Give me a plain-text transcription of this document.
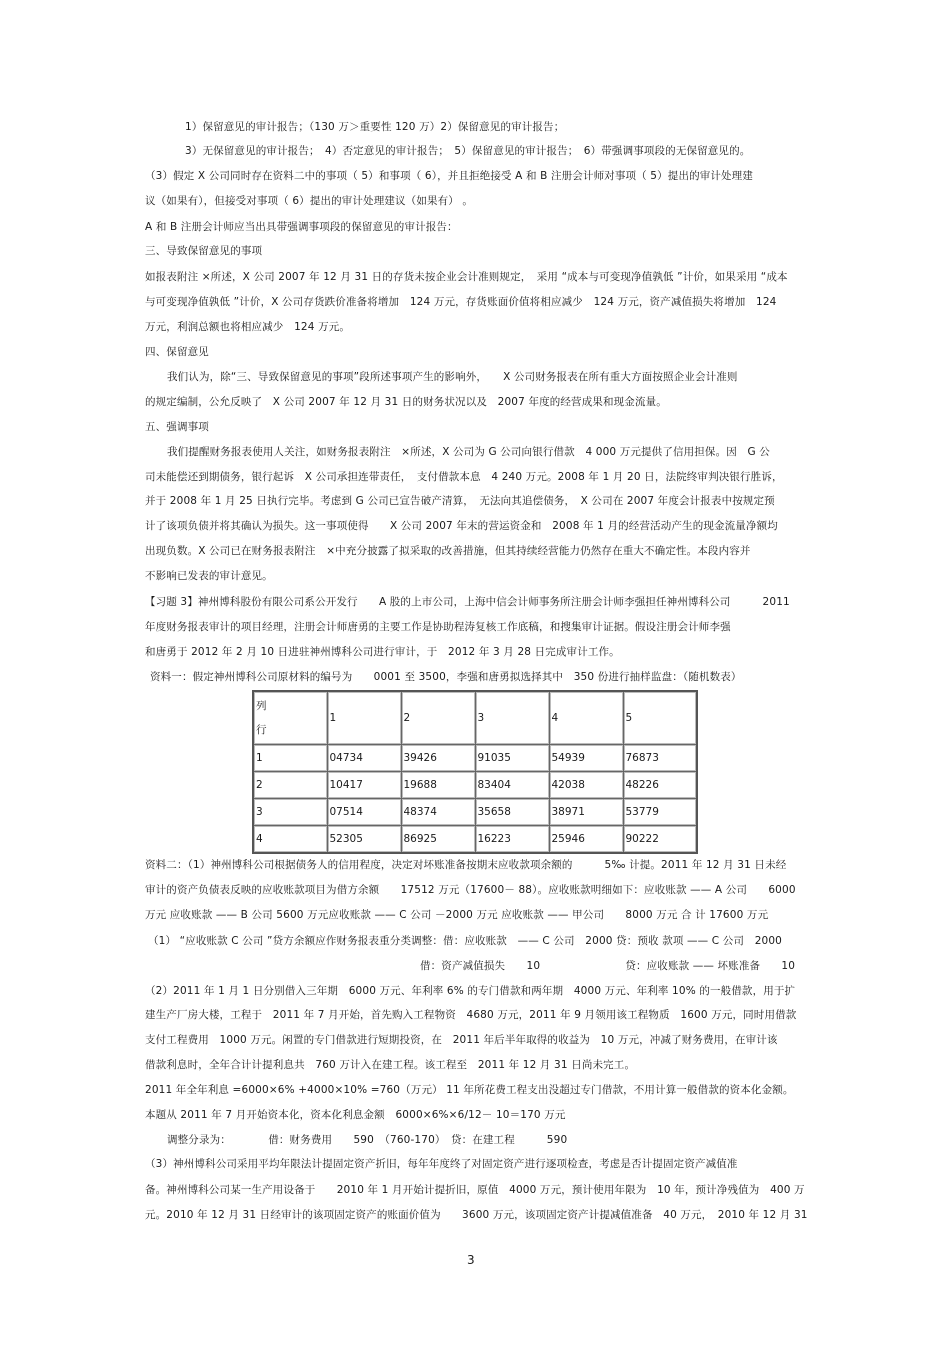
1）保留意见的审计报告；（130 万＞重要性 120 万）2）保留意见的审计报告；
3）无保留意见的审计报告；　4）否定意见的审计报告；　5）保留意见的审计报告；　6）带强调事项段的无保留意见的。
（3）假定 X 公司同时存在资料二中的事项（ 5）和事项（ 6），并且拒绝接受 A 和 B 注册会计师对事项（ 5）提出的审计处理建
议（如果有），但接受对事项（ 6）提出的审计处理建议（如果有） 。
A 和 B 注册会计师应当出具带强调事项段的保留意见的审计报告：
三、导致保留意见的事项
如报表附注 ×所述，X 公司 2007 年 12 月 31 日的存货未按企业会计准则规定，　采用 “成本与可变现净值孰低 ”计价，如果采用 “成本
与可变现净值孰低 ”计价，X 公司存货跌价准备将增加　124 万元，存货账面价值将相应减少　124 万元，资产减值损失将增加　124
万元，利润总额也将相应减少　124 万元。
四、保留意见
我们认为，除“三、导致保留意见的事项”段所述事项产生的影响外，　　X 公司财务报表在所有重大方面按照企业会计准则
的规定编制，公允反映了　X 公司 2007 年 12 月 31 日的财务状况以及　2007 年度的经营成果和现金流量。
五、强调事项
我们提醒财务报表使用人关注，如财务报表附注　×所述，X 公司为 G 公司向银行借款　4 000 万元提供了信用担保。因　G 公
司未能偿还到期债务，银行起诉　X 公司承担连带责任，　支付借款本息　4 240 万元。2008 年 1 月 20 日，法院终审判决银行胜诉，
并于 2008 年 1 月 25 日执行完毕。考虑到 G 公司已宣告破产清算，　无法向其追偿债务，　X 公司在 2007 年度会计报表中按规定预
计了该项负债并将其确认为损失。这一事项使得　　X 公司 2007 年末的营运资金和　2008 年 1 月的经营活动产生的现金流量净额均
出现负数。X 公司已在财务报表附注　×中充分披露了拟采取的改善措施，但其持续经营能力仍然存在重大不确定性。本段内容并
不影响已发表的审计意见。
【习题 3】神州博科股份有限公司系公开发行　　A 股的上市公司，上海中信会计师事务所注册会计师李强担任神州博科公司　　　2011
年度财务报表审计的项目经理，注册会计师唐勇的主要工作是协助程涛复核工作底稿，和搜集审计证据。假设注册会计师李强
和唐勇于 2012 年 2 月 10 日进驻神州博科公司进行审计，于　2012 年 3 月 28 日完成审计工作。
资料一：假定神州博科公司原材料的编号为　　0001 至 3500，李强和唐勇拟选择其中　350 份进行抽样监盘：（随机数表）
列
行	1	2	3	4	5
1	04734	39426	91035	54939	76873
2	10417	19688	83404	42038	48226
3	07514	48374	35658	38971	53779
4	52305	86925	16223	25946	90222
资料二：（1）神州博科公司根据债务人的信用程度，决定对坏账准备按期末应收款项余额的　　　5‰ 计提。2011 年 12 月 31 日未经
审计的资产负债表反映的应收账款项目为借方余额　　17512 万元（17600－ 88）。应收账款明细如下：应收账款 —— A 公司　　6000
万元 应收账款 —— B 公司 5600 万元应收账款 —— C 公司 －2000 万元 应收账款 —— 甲公司　　8000 万元 合 计 17600 万元
（1） “应收账款 C 公司 ”贷方余额应作财务报表重分类调整：借：应收账款　—— C 公司　2000 贷：预收 款项 —— C 公司　2000
借：资产减值损失　　10　　　　　　　　贷：应收账款 —— 坏账准备　　10
（2）2011 年 1 月 1 日分别借入三年期　6000 万元、年利率 6% 的专门借款和两年期　4000 万元、年利率 10% 的一般借款，用于扩
建生产厂房大楼，工程于　2011 年 7 月开始，首先购入工程物资　4680 万元，2011 年 9 月领用该工程物质　1600 万元，同时用借款
支付工程费用　1000 万元。闲置的专门借款进行短期投资，在　2011 年后半年取得的收益为　10 万元，冲减了财务费用，在审计该
借款利息时，全年合计计提利息共　760 万计入在建工程。该工程至　2011 年 12 月 31 日尚未完工。
2011 年全年利息 =6000×6% +4000×10% =760（万元） 11 年所花费工程支出没超过专门借款，不用计算一般借款的资本化金额。
本题从 2011 年 7 月开始资本化，资本化利息金额　6000×6%×6/12－ 10＝170 万元
调整分录为：　　　　借：财务费用　　590　（760-170）　贷：在建工程　　　590
（3）神州博科公司采用平均年限法计提固定资产折旧，每年年度终了对固定资产进行逐项检查，考虑是否计提固定资产减值准
备。神州博科公司某一生产用设备于　　2010 年 1 月开始计提折旧，原值　4000 万元，预计使用年限为　10 年，预计净残值为　400 万
元。2010 年 12 月 31 日经审计的该项固定资产的账面价值为　　3600 万元，该项固定资产计提减值准备　40 万元，　2010 年 12 月 31
3
